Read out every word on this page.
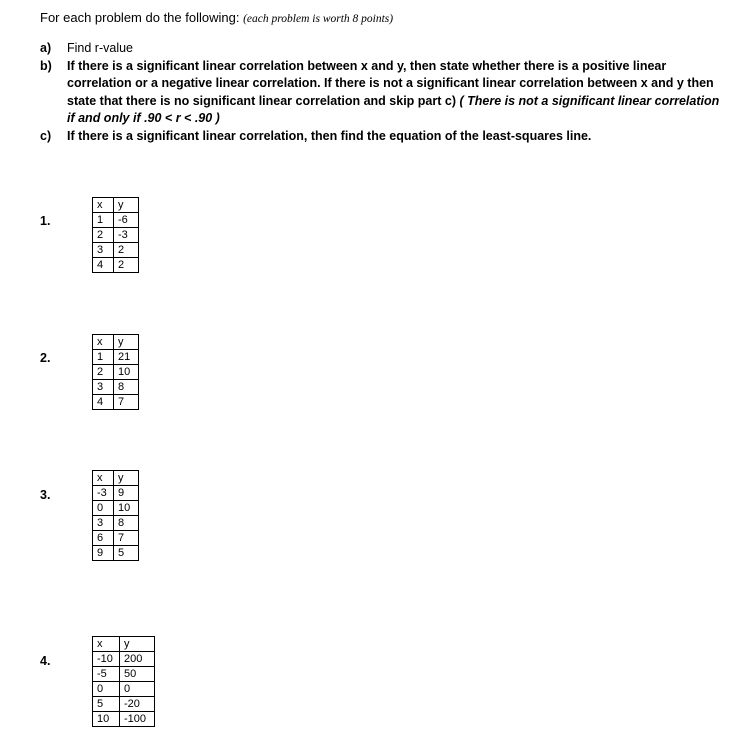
For each problem do the following: (each problem is worth 8 points)
a) Find r-value
b) If there is a significant linear correlation between x and y, then state whether there is a positive linear correlation or a negative linear correlation. If there is not a significant linear correlation between x and y then state that there is no significant linear correlation and skip part c) ( There is not a significant linear correlation if and only if .90 < r < .90 )
c) If there is a significant linear correlation, then find the equation of the least-squares line.
1.
x	y
1	-6
2	-3
3	2
4	2
2.
x	y
1	21
2	10
3	8
4	7
3.
x	y
-3	9
0	10
3	8
6	7
9	5
4.
x	y
-10	200
-5	50
0	0
5	-20
10	-100
